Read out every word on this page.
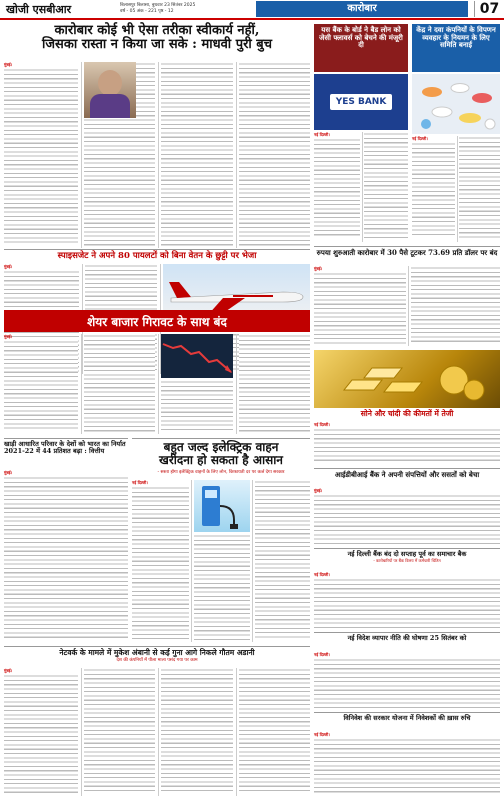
खोजी एसबीआर	बिलासपुर बिलासा, बुधवार 23 सितंबर 2025
वर्ष - 05 अंक - 221 पृष्ठ - 12	कारोबार	07
कारोबार कोई भी ऐसा तरीका स्वीकार्य नहीं,
जिसका रास्ता न किया जा सके : माधवी पुरी बुच
मुंबई।
स्पाइसजेट ने अपने 80 पायलटों को बिना वेतन के छुट्टी पर भेजा
मुंबई।
यस बैंक के बोर्ड ने बैड लोन को जेसी फ्लावर्स को बेचने की मंजूरी दी
YES BANK
नई दिल्ली।
केंद्र ने दवा कंपनियों के विपणन व्यवहार के नियमन के लिए समिति बनाई
नई दिल्ली।
रुपया शुरुआती कारोबार में 30 पैसे टूटकर 73.69 प्रति डॉलर पर बंद
मुंबई।
शेयर बाजार गिरावट के साथ बंद
मुंबई।
सोने और चांदी की कीमतों में तेजी
नई दिल्ली।
आईडीबीआई बैंक ने अपनी संपत्तियों और ससतों को बेचा
मुंबई।
खाड़ी आधारित परिवार के देशों को भारत का निर्यात 2021-22 में 44 प्रतिशत बढ़ा : वित्तीय
मुंबई।
बहुत जल्द इलेक्ट्रिक वाहन
खरीदना हो सकता है आसान
- सस्ता होगा इलेक्ट्रिक वाहनों के लिए लोन, किफायती दर पर कर्ज देगा सरकार
नई दिल्ली।
नई दिल्ली बैंक बंद दो सप्ताह पूर्व का समाचार बैक
- कारोबारियों पर बैंक विलय में कर्मचारी चिंतित
नई दिल्ली।
नई विदेश व्यापार नीति की घोषणा 25 सितंबर को
नई दिल्ली।
नेटवर्क के मामले में मुकेश अंबानी से कई गुना आगे निकले गौतम अडानी
देश की कंपनियों में पीला माला पसंद गया पर काम
मुंबई।
विनिवेश की सरकार योजना में निवेशकों की ख़ास रुचि
नई दिल्ली।
